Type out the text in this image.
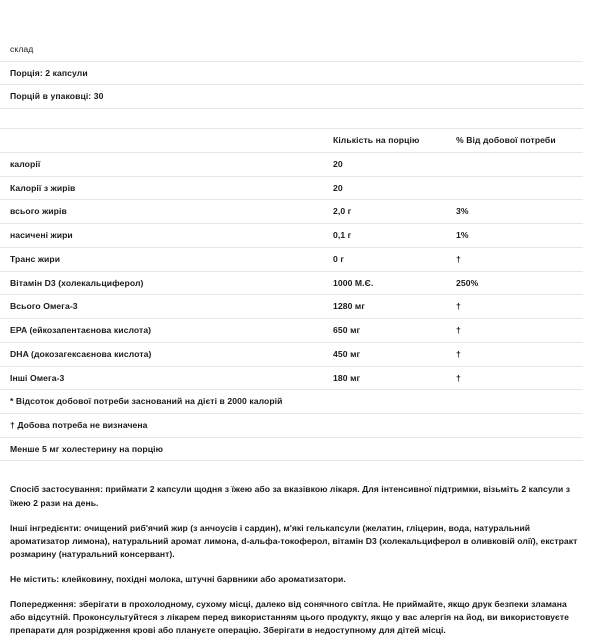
склад		
Порція: 2 капсули		
Порцій в упаковці: 30		

	Кількість на порцію	% Від добової потреби
калорії	20	
Калорії з жирів	20	
всього жирів	2,0 г	3%
насичені жири	0,1 г	1%
Транс жири	0 г	†
Вітамін D3 (холекальциферол)	1000 М.Є.	250%
Всього Омега-3	1280 мг	†
EPA (ейкозапентаєнова кислота)	650 мг	†
DHA (докозагексаєнова кислота)	450 мг	†
Інші Омега-3	180 мг	†
* Відсоток добової потреби заснований на дієті в 2000 калорій		
† Добова потреба не визначена		
Менше 5 мг холестерину на порцію		

Спосіб застосування: приймати 2 капсули щодня з їжею або за вказівкою лікаря. Для інтенсивної підтримки, візьміть 2 капсули з їжею 2 рази на день.

Інші інгредієнти: очищений риб'ячий жир (з анчоусів і сардин), м'які гелькапсули (желатин, гліцерин, вода, натуральний ароматизатор лимона), натуральний аромат лимона, d-альфа-токоферол, вітамін D3 (холекальциферол в оливковій олії), екстракт розмарину (натуральний консервант).

Не містить: клейковину, похідні молока, штучні барвники або ароматизатори.

Попередження: зберігати в прохолодному, сухому місці, далеко від сонячного світла. Не приймайте, якщо друк безпеки зламана або відсутній. Проконсультуйтеся з лікарем перед використанням цього продукту, якщо у вас алергія на йод, ви використовуєте препарати для розрідження крові або плануєте операцію. Зберігати в недоступному для дітей місці.
